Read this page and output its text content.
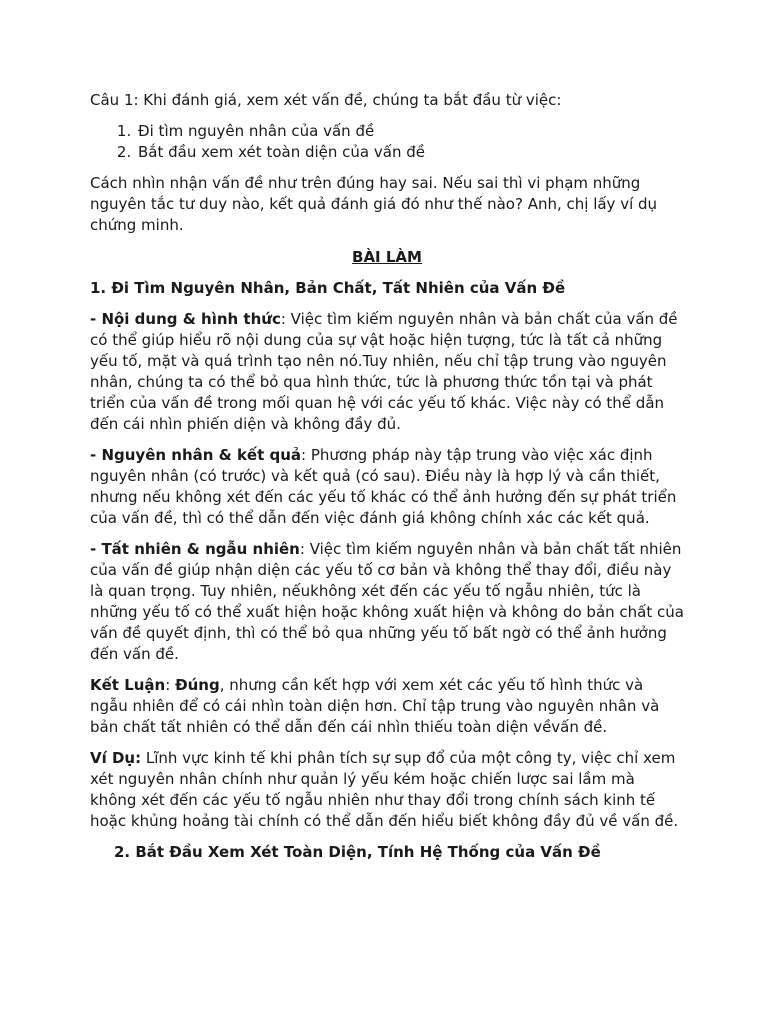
Câu 1: Khi đánh giá, xem xét vấn đề, chúng ta bắt đầu từ việc:

1. Đi tìm nguyên nhân của vấn đề
2. Bắt đầu xem xét toàn diện của vấn đề

Cách nhìn nhận vấn đề như trên đúng hay sai. Nếu sai thì vi phạm những nguyên tắc tư duy nào, kết quả đánh giá đó như thế nào? Anh, chị lấy ví dụ chứng minh.

BÀI LÀM

1. Đi Tìm Nguyên Nhân, Bản Chất, Tất Nhiên của Vấn Đề

- Nội dung & hình thức: Việc tìm kiếm nguyên nhân và bản chất của vấn đề có thể giúp hiểu rõ nội dung của sự vật hoặc hiện tượng, tức là tất cả những yếu tố, mặt và quá trình tạo nên nó.Tuy nhiên, nếu chỉ tập trung vào nguyên nhân, chúng ta có thể bỏ qua hình thức, tức là phương thức tồn tại và phát triển của vấn đề trong mối quan hệ với các yếu tố khác. Việc này có thể dẫn đến cái nhìn phiến diện và không đầy đủ.

- Nguyên nhân & kết quả: Phương pháp này tập trung vào việc xác định nguyên nhân (có trước) và kết quả (có sau). Điều này là hợp lý và cần thiết, nhưng nếu không xét đến các yếu tố khác có thể ảnh hưởng đến sự phát triển của vấn đề, thì có thể dẫn đến việc đánh giá không chính xác các kết quả.

- Tất nhiên & ngẫu nhiên: Việc tìm kiếm nguyên nhân và bản chất tất nhiên của vấn đề giúp nhận diện các yếu tố cơ bản và không thể thay đổi, điều này là quan trọng. Tuy nhiên, nếukhông xét đến các yếu tố ngẫu nhiên, tức là những yếu tố có thể xuất hiện hoặc không xuất hiện và không do bản chất của vấn đề quyết định, thì có thể bỏ qua những yếu tố bất ngờ có thể ảnh hưởng đến vấn đề.

Kết Luận: Đúng, nhưng cần kết hợp với xem xét các yếu tố hình thức và ngẫu nhiên để có cái nhìn toàn diện hơn. Chỉ tập trung vào nguyên nhân và bản chất tất nhiên có thể dẫn đến cái nhìn thiếu toàn diện vềvấn đề.

Ví Dụ: Lĩnh vực kinh tế khi phân tích sự sụp đổ của một công ty, việc chỉ xem xét nguyên nhân chính như quản lý yếu kém hoặc chiến lược sai lầm mà không xét đến các yếu tố ngẫu nhiên như thay đổi trong chính sách kinh tế hoặc khủng hoảng tài chính có thể dẫn đến hiểu biết không đầy đủ về vấn đề.

2. Bắt Đầu Xem Xét Toàn Diện, Tính Hệ Thống của Vấn Đề
